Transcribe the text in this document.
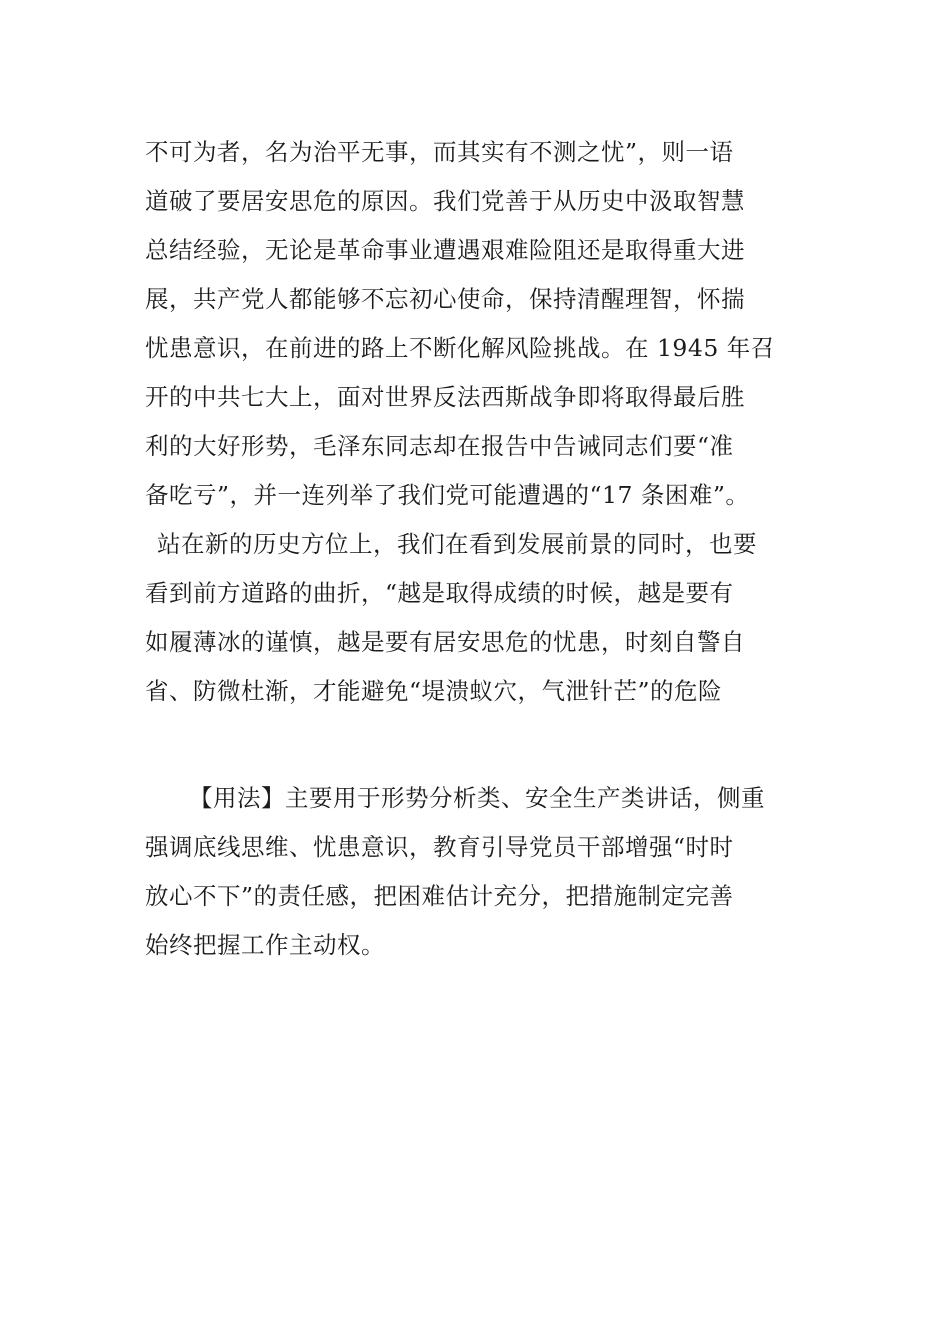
不可为者，名为治平无事，而其实有不测之忧”，则一语
道破了要居安思危的原因。我们党善于从历史中汲取智慧
总结经验，无论是革命事业遭遇艰难险阻还是取得重大进
展，共产党人都能够不忘初心使命，保持清醒理智，怀揣
忧患意识，在前进的路上不断化解风险挑战。在 1945 年召
开的中共七大上，面对世界反法西斯战争即将取得最后胜
利的大好形势，毛泽东同志却在报告中告诫同志们要“准
备吃亏”，并一连列举了我们党可能遭遇的“17 条困难”。
站在新的历史方位上，我们在看到发展前景的同时，也要
看到前方道路的曲折，“越是取得成绩的时候，越是要有
如履薄冰的谨慎，越是要有居安思危的忧患，时刻自警自
省、防微杜渐，才能避免“堤溃蚁穴，气泄针芒”的危险
【用法】主要用于形势分析类、安全生产类讲话，侧重
强调底线思维、忧患意识，教育引导党员干部增强“时时
放心不下”的责任感，把困难估计充分，把措施制定完善
始终把握工作主动权。
